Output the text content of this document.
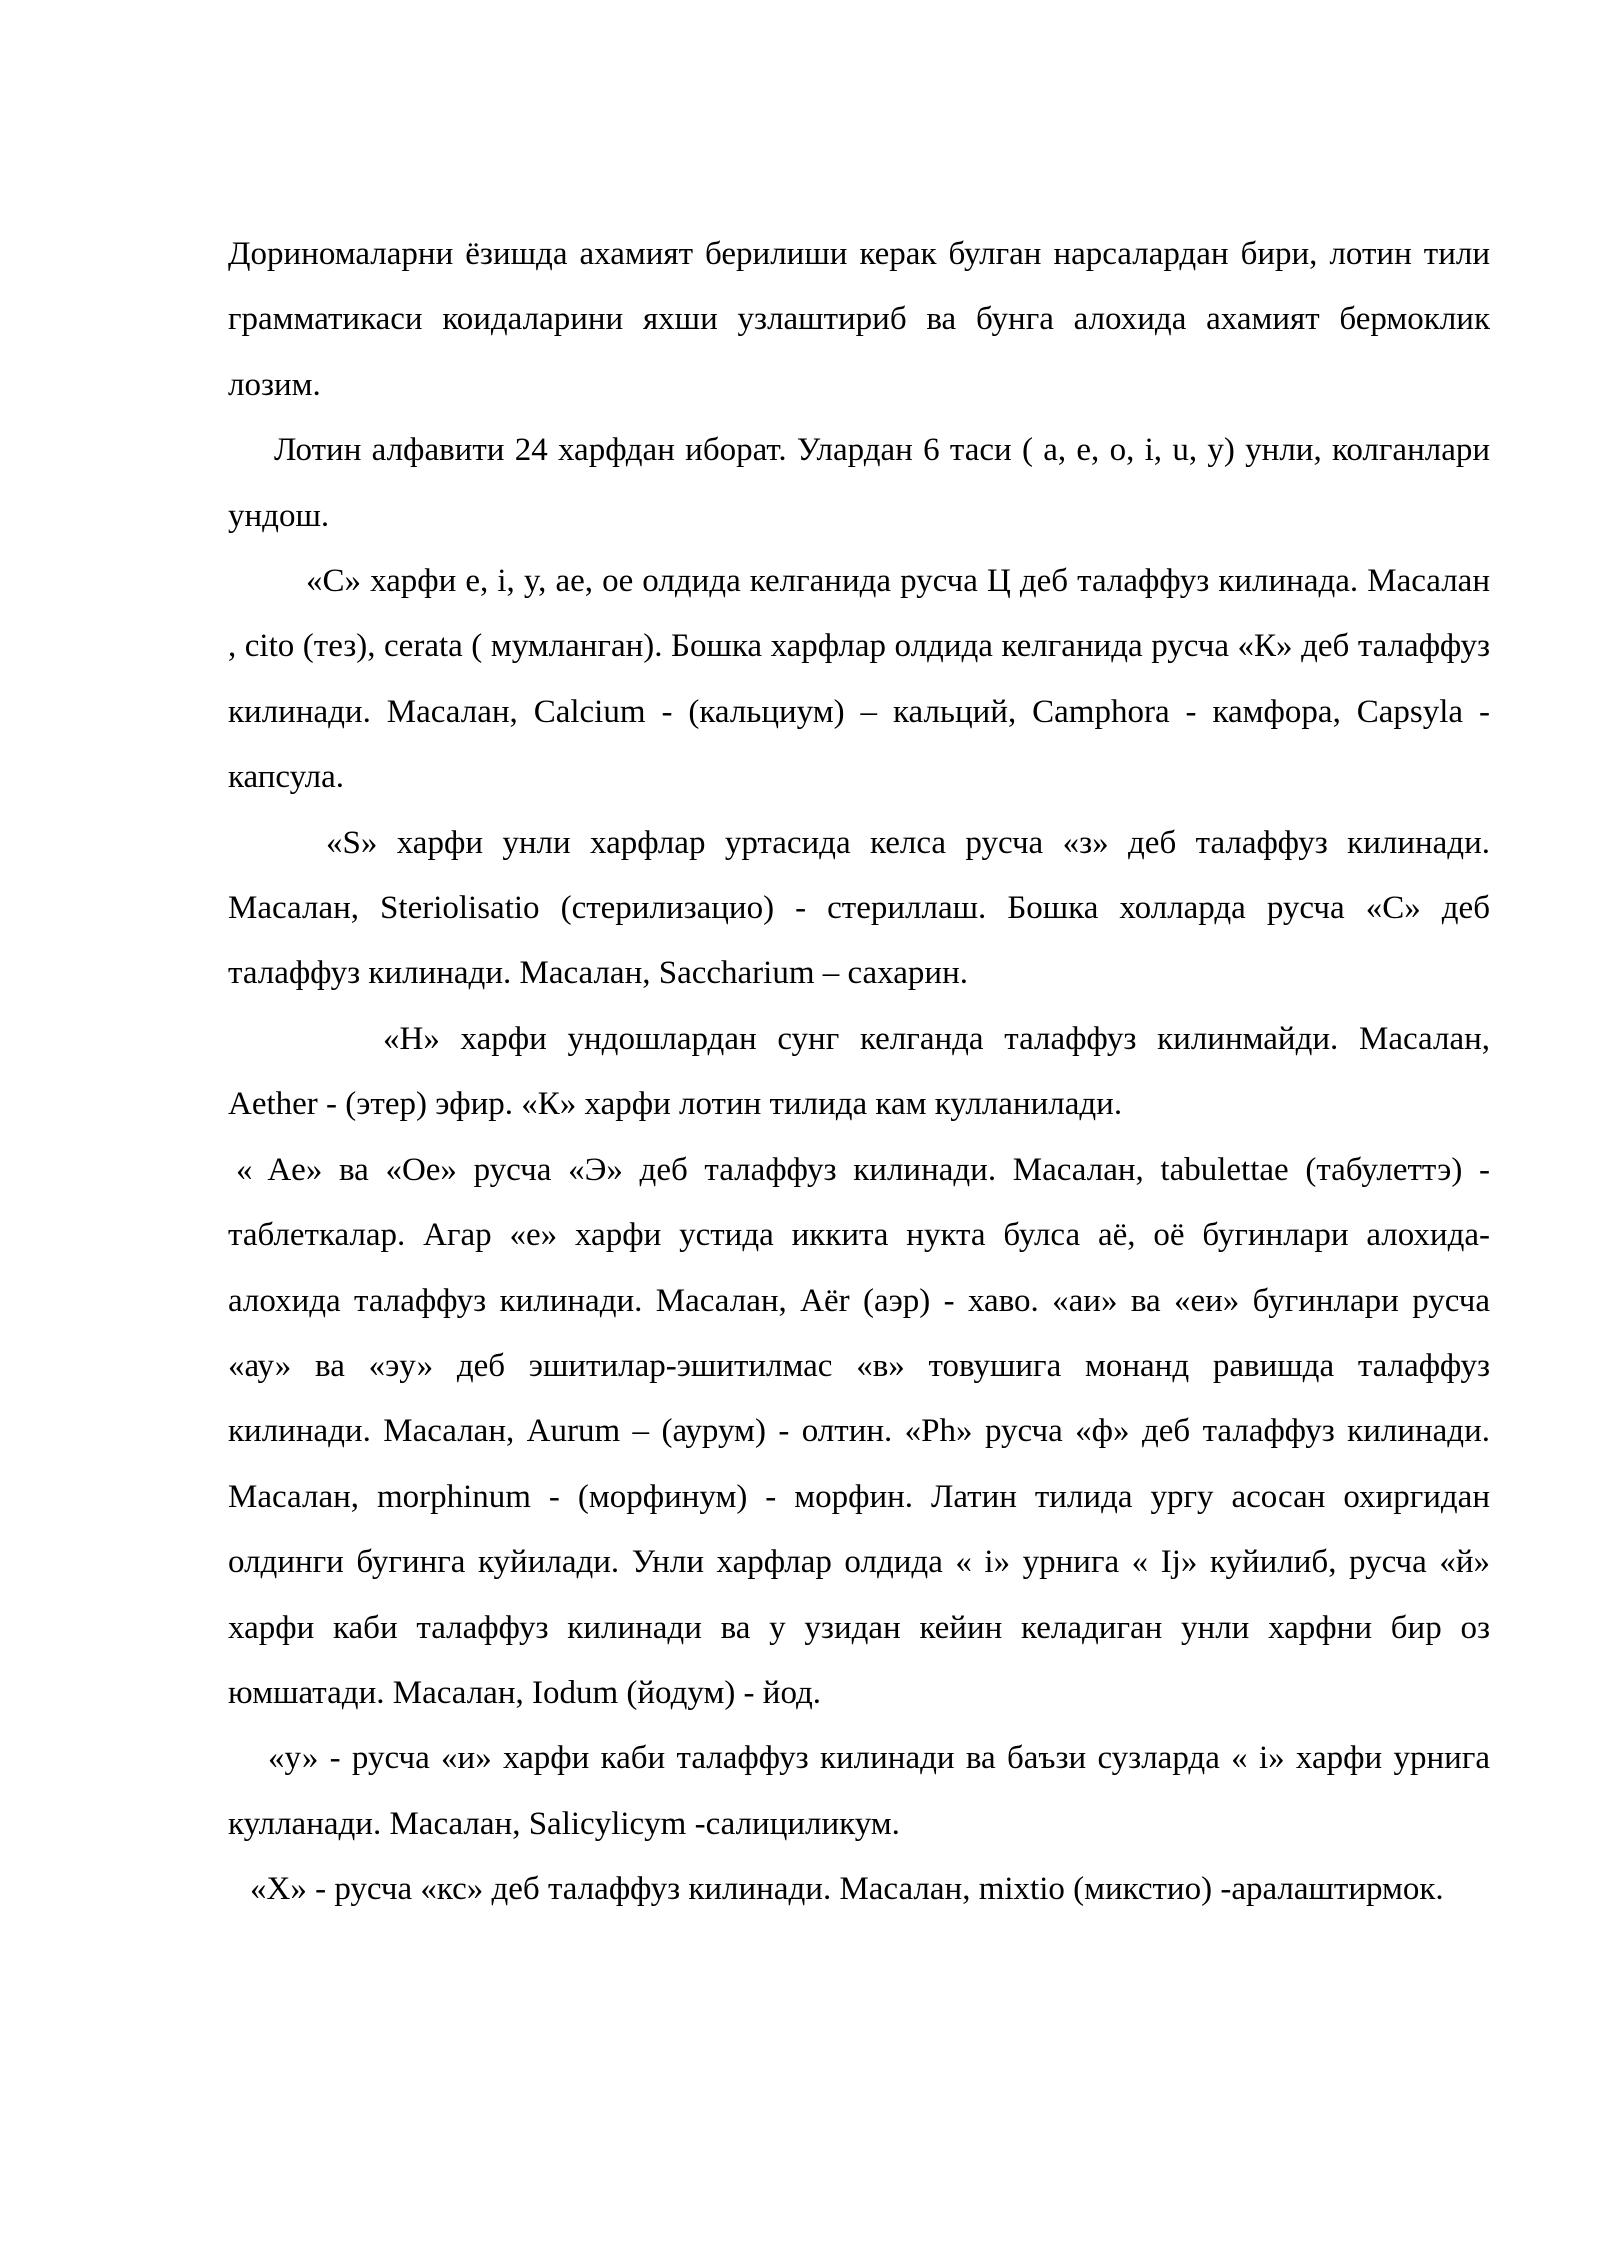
Дориномаларни ёзишда ахамият берилиши керак булган нарсалардан бири, лотин тили грамматикаси коидаларини яхши узлаштириб ва бунга алохида ахамият бермоклик лозим.

Лотин алфавити 24 харфдан иборат. Улардан 6 таси ( a, e, o, i, u, y) унли, колганлари ундош.

«С» харфи e, i, y, ae, oe олдида келганида русча Ц деб талаффуз килинада. Масалан , cito (тез), cerata ( мумланган). Бошка харфлар олдида келганида русча «К» деб талаффуз килинади. Масалан, Calcium - (кальциум) – кальций, Camphora - камфора, Capsyla - капсула.

«S» харфи унли харфлар уртасида келса русча «з» деб талаффуз килинади. Масалан, Steriolisatio (стерилизацио) - стериллаш. Бошка холларда русча «С» деб талаффуз килинади. Масалан, Saccharium – сахарин.

«Н» харфи ундошлардан сунг келганда талаффуз килинмайди. Масалан, Aether - (этер) эфир. «К» харфи лотин тилида кам кулланилади.

« Ae» ва «Oe» русча «Э» деб талаффуз килинади. Масалан, tabulettae (табулеттэ) - таблеткалар. Агар «е» харфи устида иккита нукта булса аё, оё бугинлари алохида- алохида талаффуз килинади. Масалан, Aёr (аэр) - хаво. «аи» ва «еи» бугинлари русча «ау» ва «эу» деб эшитилар-эшитилмас «в» товушига монанд равишда талаффуз килинади. Масалан, Aurum – (аурум) - олтин. «Ph» русча «ф» деб талаффуз килинади. Масалан, morphinum - (морфинум) - морфин. Латин тилида ургу асосан охиргидан олдинги бугинга куйилади. Унли харфлар олдида « i» урнига « Ij» куйилиб, русча «й» харфи каби талаффуз килинади ва у узидан кейин келадиган унли харфни бир оз юмшатади. Масалан, Iodum (йодум) - йод.

«у» - русча «и» харфи каби талаффуз килинади ва баъзи сузларда « i» харфи урнига кулланади. Масалан, Salicylicym -салициликум.

«Х» - русча «кс» деб талаффуз килинади. Масалан, mixtio (микстио) -аралаштирмок.
